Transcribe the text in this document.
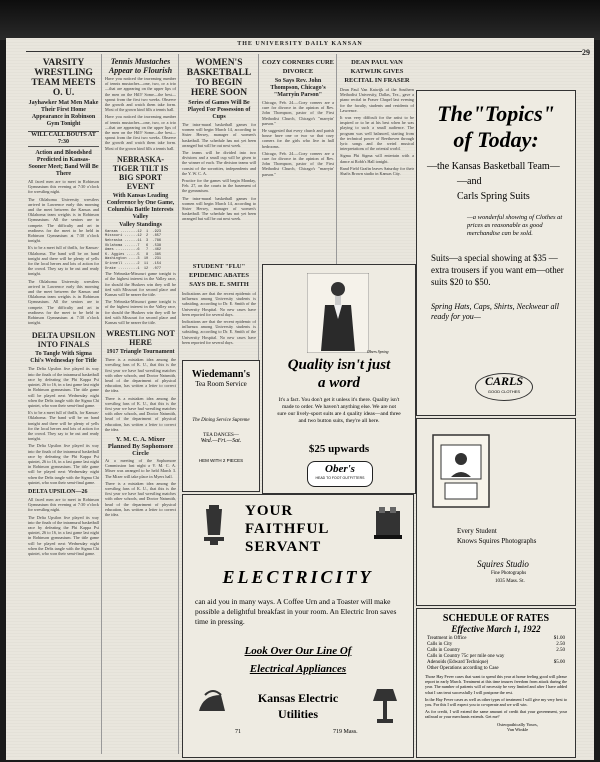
THE UNIVERSITY DAILY KANSAN
29
VARSITY WRESTLING TEAM MEETS O. U.
Jayhawker Mat Men Make Their First Home Appearance in Robinson Gym Tonight
WILL CALL BOUTS AT 7:30
Action and Bloodshed Predicted in Kansas-Sooner Meet; Band Will Be There

All faced men are to meet in Robinson Gymnasium this evening at 7:30 o'clock for wrestling night.

The Oklahoma University wrestlers arrived in Lawrence early this morning and the meet between the Kansas and Oklahoma team weights is in Robinson Gymnasium. All the seniors are to compete. The difficulty and art in readiness for the meet to be held in Robinson Gymnasium at 7:30 o'clock tonight.

It's to be a meet full of thrills, for Kansas-Oklahoma. The band will be on hand tonight and there will be plenty of yells for the local heroes and lots of action for the crowd. They say to be out and ready tonight.

The Oklahoma University wrestlers arrived in Lawrence early this morning and the meet between the Kansas and Oklahoma team weights is in Robinson Gymnasium. All the seniors are to compete. The difficulty and art in readiness for the meet to be held in Robinson Gymnasium at 7:30 o'clock tonight.

DELTA UPSILON INTO FINALS
To Tangle With Sigma Chi's Wednesday for Title

The Delta Upsilon five played its way into the finals of the intramural basketball race by defeating the Phi Kappa Psi quintet, 26 to 16, in a fast game last night in Robinson gymnasium. The title game will be played next Wednesday night when the Delts tangle with the Sigma Chi quintet, who won their semi-final game.

It's to be a meet full of thrills, for Kansas-Oklahoma. The band will be on hand tonight and there will be plenty of yells for the local heroes and lots of action for the crowd. They say to be out and ready tonight.

The Delta Upsilon five played its way into the finals of the intramural basketball race by defeating the Phi Kappa Psi quintet, 26 to 16, in a fast game last night in Robinson gymnasium. The title game will be played next Wednesday night when the Delts tangle with the Sigma Chi quintet, who won their semi-final game.

DELTA UPSILON—26

All faced men are to meet in Robinson Gymnasium this evening at 7:30 o'clock for wrestling night.

The Delta Upsilon five played its way into the finals of the intramural basketball race by defeating the Phi Kappa Psi quintet, 26 to 16, in a fast game last night in Robinson gymnasium. The title game will be played next Wednesday night when the Delts tangle with the Sigma Chi quintet, who won their semi-final game.

Tennis Mustaches Appear to Flourish

Have you noticed the increasing number of tennis mustaches—one, two, or a trio—that are appearing on the upper lips of the men on the Hill? Some—the best—sprout from the first two weeks. Observe the growth and watch them take form. Most of the grown kind fills a tennis ball.

Have you noticed the increasing number of tennis mustaches—one, two, or a trio—that are appearing on the upper lips of the men on the Hill? Some—the best—sprout from the first two weeks. Observe the growth and watch them take form. Most of the grown kind fills a tennis ball.

NEBRASKA-TIGER TILT IS BIG SPORT EVENT
With Kansas Leading Conference by One Game, Columbia Battle Interests Valley
Valley Standings
Kansas ........12  1  .923
Missouri ......12  2  .857
Nebraska ......11  3  .786
Oklahoma ......7   6  .538
Ames ..........6   7  .462
K. Aggies .....5   8  .385
Washington ....3  10  .231
Grinnell ......2  11  .154
Drake .........1  12  .077

The Nebraska-Missouri game tonight is of the highest interest in the Valley race, for should the Huskers win they will be tied with Missouri for second place and Kansas will be nearer the title.

The Nebraska-Missouri game tonight is of the highest interest in the Valley race, for should the Huskers win they will be tied with Missouri for second place and Kansas will be nearer the title.

WRESTLING NOT HERE
1917 Triangle Tournament

There is a mistaken idea among the wrestling fans of K. U., that this is the first year we have had wrestling matches with other schools, and Doctor Naismith, head of the department of physical education, has written a letter to correct the idea.

There is a mistaken idea among the wrestling fans of K. U., that this is the first year we have had wrestling matches with other schools, and Doctor Naismith, head of the department of physical education, has written a letter to correct the idea.

Y. M. C. A. Mixer Planned By Sophomore Circle

At a meeting of the Sophomore Commission last night a Y. M. C. A. Mixer was arranged to be held March 3. The Mixer will take place in Myers hall.

There is a mistaken idea among the wrestling fans of K. U., that this is the first year we have had wrestling matches with other schools, and Doctor Naismith, head of the department of physical education, has written a letter to correct the idea.

WOMEN'S BASKETBALL TO BEGIN HERE SOON
Series of Games Will Be Played For Possession of Cups

The intra-mural basketball games for women will begin March 14, according to Sister Hersey, manager of women's basketball. The schedule has not yet been arranged but will be out next week.

The teams will be divided into two divisions and a small cup will be given to the winner of each. The division teams will consist of the sororities, independents and the Y. W. C. A.

Practice for the games will begin Monday, Feb. 27, on the courts in the basement of the gymnasium.

The intra-mural basketball games for women will begin March 14, according to Sister Hersey, manager of women's basketball. The schedule has not yet been arranged but will be out next week.

COZY CORNERS CURE DIVORCE
So Says Rev. John Thompson, Chicago's "Marryin Parson"

Chicago, Feb. 24.—Cozy corners are a cure for divorce in the opinion of Rev. John Thompson, pastor of the First Methodist Church, Chicago's "marryin' parson."

He suggested that every church and parish house have one or two so that cozy corners for the girls who live in hall bedrooms.

Chicago, Feb. 24.—Cozy corners are a cure for divorce in the opinion of Rev. John Thompson, pastor of the First Methodist Church, Chicago's "marryin' parson."

DEAN PAUL VAN KATWIJK GIVES RECITAL IN FRASER

Dean Paul Van Katwijk of the Southern Methodist University, Dallas, Tex., gave a piano recital in Fraser Chapel last evening for the faculty, students and residents of Lawrence.

It was very difficult for the artist to be inspired or to be at his best when he was playing to such a small audience. The program was well balanced, starting from the technical power of Beethoven through lyric songs and the weird musical interpretations of the oriental world.

Sigma Phi Sigma will entertain with a dance at Robb's Hall tonight.

Rand Field Grafin leaves Saturday for their Shafts Brown studio in Kansas City.

STUDENT "FLU" EPIDEMIC ABATES SAYS DR. E. SMITH

Indications are that the recent epidemic of influenza among University students is subsiding, according to Dr. E. Smith of the University Hospital. No new cases have been reported for several days.

Indications are that the recent epidemic of influenza among University students is subsiding, according to Dr. E. Smith of the University Hospital. No new cases have been reported for several days.

The"Topics"
of Today:
—the Kansas Basketball Team—
—and
Carls Spring Suits
—a wonderful showing of Clothes at prices as reasonable as good merchandise can be sold.
Suits—a special showing at $35 — extra trousers if you want em—other suits $20 to $50.
Spring Hats, Caps, Shirts, Neckwear all ready for you—
CARLS
GOOD CLOTHES
Wiedemann's
Tea Room Service
The Dining Service Supreme
TEA DANCES—
Wed.—Fri.—Sat.
HEM WITH 2 PIECES
Obers Spring
Quality isn't just
a word
It's a fact. You don't get it unless it's there. Quality isn't made to order. We haven't anything else. We are not sure our lively-sport suits are 4 quality ideas—and three and two button suits, they're all here.
$25 upwards
Ober's
HEAD TO FOOT OUTFITTERS
Every Student
Knows Squires Photographs
Squires Studio
Fine Photographs
1035 Mass. St.
YOUR
FAITHFUL
SERVANT
ELECTRICITY
can aid you in many ways. A Coffee Urn and a Toaster will make possible a delightful breakfast in your room. An Electric Iron saves time in pressing.
Look Over Our Line Of
Electrical Appliances
Kansas Electric
Utilities
71	719 Mass.
SCHEDULE OF RATES
Effective March 1, 1922
Treatment in Office	$1.00
Calls in City	2.50
Calls in Country	2.50
Calls in Country 75c per mile one way
Adenoids (Edward Technique)	$5.00
Other Operations according to Case

Those Hay Fever cases that want to spend this year at home feeling good will please report in early March. Treatment at this time insures freedom from attack during the year. The number of patients will of necessity be very limited and after I have added what I can treat successfully I will postpone the rest.

In the Hay Fever cases as well as other types of treatment I will give my very best to you. For this I will expect you to co-operate and we will win.

As for credit, I will extend the same amount of credit that your government, your railroad or your merchants extends. Get me?

Osteopathically Yours,
Van Winkle
